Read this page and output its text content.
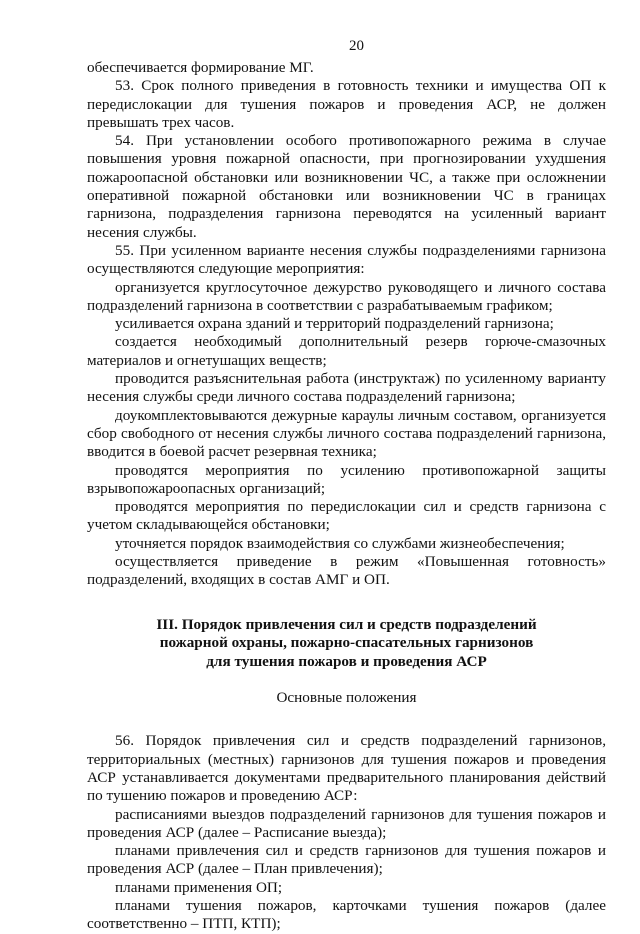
20

обеспечивается формирование МГ.

53. Срок полного приведения в готовность техники и имущества ОП к передислокации для тушения пожаров и проведения АСР, не должен превышать трех часов.

54. При установлении особого противопожарного режима в случае повышения уровня пожарной опасности, при прогнозировании ухудшения пожароопасной обстановки или возникновении ЧС, а также при осложнении оперативной пожарной обстановки или возникновении ЧС в границах гарнизона, подразделения гарнизона переводятся на усиленный вариант несения службы.

55. При усиленном варианте несения службы подразделениями гарнизона осуществляются следующие мероприятия:

организуется круглосуточное дежурство руководящего и личного состава подразделений гарнизона в соответствии с разрабатываемым графиком;

усиливается охрана зданий и территорий подразделений гарнизона;

создается необходимый дополнительный резерв горюче-смазочных материалов и огнетушащих веществ;

проводится разъяснительная работа (инструктаж) по усиленному варианту несения службы среди личного состава подразделений гарнизона;

доукомплектовываются дежурные караулы личным составом, организуется сбор свободного от несения службы личного состава подразделений гарнизона, вводится в боевой расчет резервная техника;

проводятся мероприятия по усилению противопожарной защиты взрывопожароопасных организаций;

проводятся мероприятия по передислокации сил и средств гарнизона с учетом складывающейся обстановки;

уточняется порядок взаимодействия со службами жизнеобеспечения;

осуществляется приведение в режим «Повышенная готовность» подразделений, входящих в состав АМГ и ОП.

III. Порядок привлечения сил и средств подразделений
пожарной охраны, пожарно-спасательных гарнизонов
для тушения пожаров и проведения АСР
Основные положения

56. Порядок привлечения сил и средств подразделений гарнизонов, территориальных (местных) гарнизонов для тушения пожаров и проведения АСР устанавливается документами предварительного планирования действий по тушению пожаров и проведению АСР:

расписаниями выездов подразделений гарнизонов для тушения пожаров и проведения АСР (далее – Расписание выезда);

планами привлечения сил и средств гарнизонов для тушения пожаров и проведения АСР (далее – План привлечения);

планами применения ОП;

планами тушения пожаров, карточками тушения пожаров (далее соответственно – ПТП, КТП);
